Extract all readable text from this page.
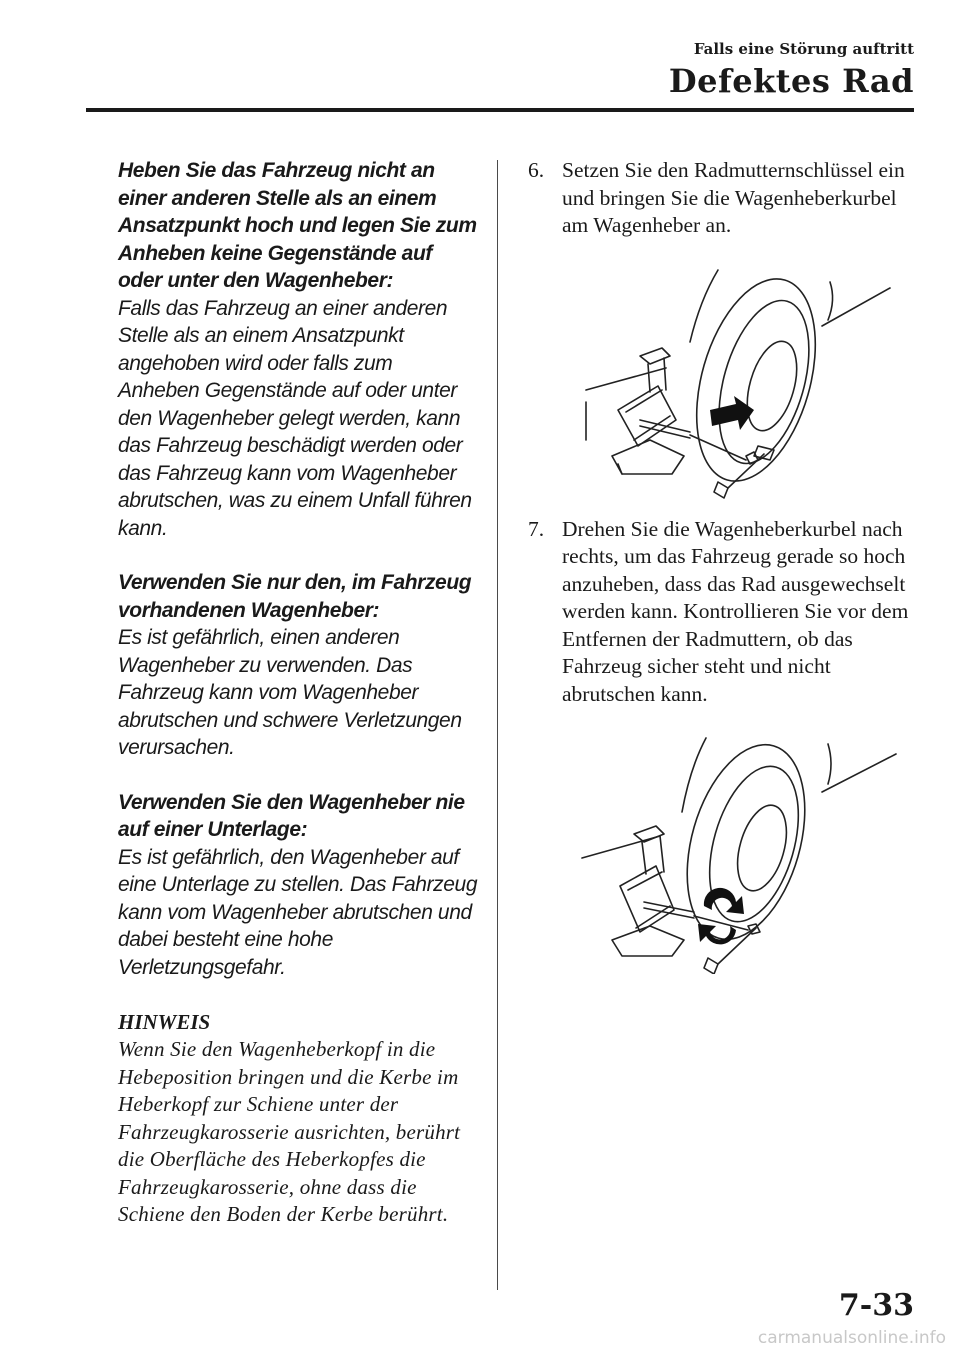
Falls eine Störung auftritt
Defektes Rad
Heben Sie das Fahrzeug nicht an einer anderen Stelle als an einem Ansatzpunkt hoch und legen Sie zum Anheben keine Gegenstände auf oder unter den Wagenheber:
Falls das Fahrzeug an einer anderen Stelle als an einem Ansatzpunkt angehoben wird oder falls zum Anheben Gegenstände auf oder unter den Wagenheber gelegt werden, kann das Fahrzeug beschädigt werden oder das Fahrzeug kann vom Wagenheber abrutschen, was zu einem Unfall führen kann.
Verwenden Sie nur den, im Fahrzeug vorhandenen Wagenheber:
Es ist gefährlich, einen anderen Wagenheber zu verwenden. Das Fahrzeug kann vom Wagenheber abrutschen und schwere Verletzungen verursachen.
Verwenden Sie den Wagenheber nie auf einer Unterlage:
Es ist gefährlich, den Wagenheber auf eine Unterlage zu stellen. Das Fahrzeug kann vom Wagenheber abrutschen und dabei besteht eine hohe Verletzungsgefahr.
HINWEIS
Wenn Sie den Wagenheberkopf in die Hebeposition bringen und die Kerbe im Heberkopf zur Schiene unter der Fahrzeugkarosserie ausrichten, berührt die Oberfläche des Heberkopfes die Fahrzeugkarosserie, ohne dass die Schiene den Boden der Kerbe berührt.
6. Setzen Sie den Radmutternschlüssel ein und bringen Sie die Wagenheberkurbel am Wagenheber an.
7. Drehen Sie die Wagenheberkurbel nach rechts, um das Fahrzeug gerade so hoch anzuheben, dass das Rad ausgewechselt werden kann. Kontrollieren Sie vor dem Entfernen der Radmuttern, ob das Fahrzeug sicher steht und nicht abrutschen kann.
7-33
carmanualsonline.info
